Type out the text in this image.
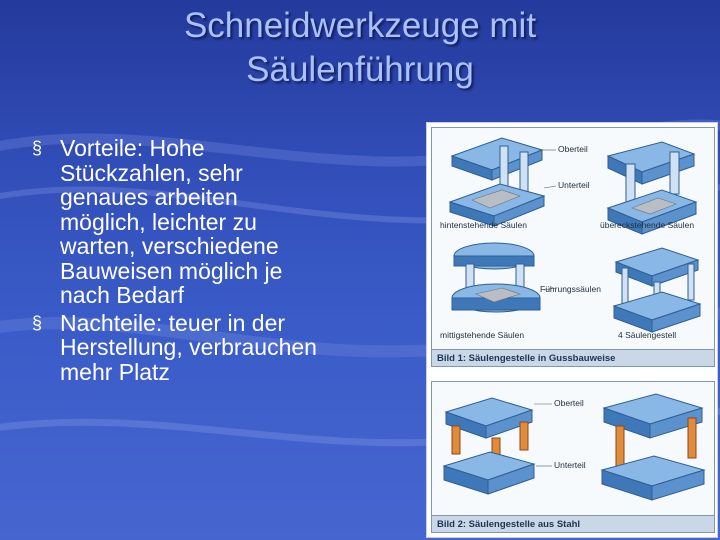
Schneidwerkzeuge mit
Säulenführung
§ Vorteile: Hohe Stückzahlen, sehr genaues arbeiten möglich, leichter zu warten, verschiedene Bauweisen möglich je nach Bedarf
§ Nachteile: teuer in der Herstellung, verbrauchen mehr Platz
Oberteil
Unterteil
hintenstehende Säulen	übereckstehende Säulen
Führungssäulen
mittigstehende Säulen	4 Säulengestell
Bild 1: Säulengestelle in Gussbauweise
Oberteil
Unterteil
Bild 2: Säulengestelle aus Stahl
